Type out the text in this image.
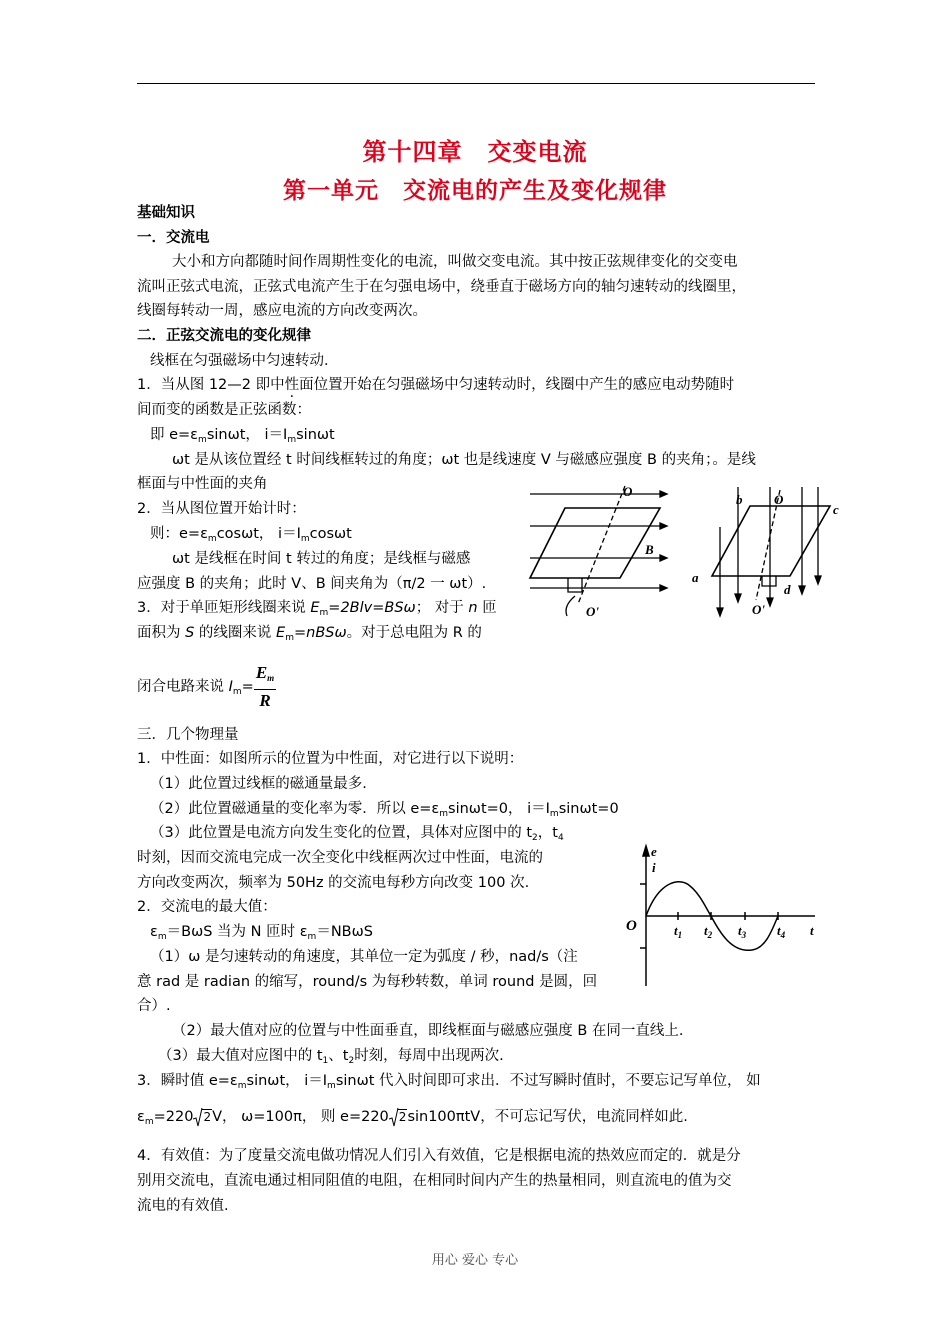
第十四章　交变电流
第一单元　交流电的产生及变化规律
基础知识
一．交流电
大小和方向都随时间作周期性变化的电流，叫做交变电流。其中按正弦规律变化的交变电
流叫正弦式电流，正弦式电流产生于在匀强电场中，绕垂直于磁场方向的轴匀速转动的线圈里，
线圈每转动一周，感应电流的方向改变两次。
二．正弦交流电的变化规律
线框在匀强磁场中匀速转动．
1．当从图 12—2 即中性面位置开始在匀强磁场中匀速转动时，线圈中产生的感应电动势随时
间而变的函数是正弦函数：
即 $e=\varepsilon_m\sin\omega t$， $i=I_m\sin\omega t$
ωt 是从该位置经 t 时间线框转过的角度；ωt 也是线速度 V 与磁感应强度 B 的夹角；。是线
框面与中性面的夹角
2．当从图位置开始计时：
则：$e=\varepsilon_m\cos\omega t$， $i=I_m\cos\omega t$
ωt 是线框在时间 t 转过的角度；是线框与磁感
应强度 B 的夹角；此时 V、B 间夹角为（π/2 一 ωt）.
3．对于单匝矩形线圈来说 $E_m=2Blv=BS\omega$； 对于 n 匝
面积为 S 的线圈来说 $E_m=nBS\omega$。对于总电阻为 R 的
闭合电路来说 $I_m= \frac{E_m}{R}$
三．几个物理量
1．中性面：如图所示的位置为中性面，对它进行以下说明：
（1）此位置过线框的磁通量最多.
（2）此位置磁通量的变化率为零．所以 $e=\varepsilon_m\sin\omega t=0$， $i=I_m\sin\omega t=0$
（3）此位置是电流方向发生变化的位置，具体对应图中的 $t_2$，$t_4$
时刻，因而交流电完成一次全变化中线框两次过中性面，电流的
方向改变两次，频率为 50Hz 的交流电每秒方向改变 100 次.
2．交流电的最大值：
$\varepsilon_m=B\omega S$ 当为 N 匝时 $\varepsilon_m=NB\omega S$
（1）ω 是匀速转动的角速度，其单位一定为弧度 / 秒，nad/s（注
意 rad 是 radian 的缩写，round/s 为每秒转数，单词 round 是圆，回
合）.
（2）最大值对应的位置与中性面垂直，即线框面与磁感应强度 B 在同一直线上.
（3）最大值对应图中的 $t_1$、$t_2$时刻，每周中出现两次.
3．瞬时值 $e=\varepsilon_m\sin\omega t$， $i=I_m\sin\omega t$ 代入时间即可求出．不过写瞬时值时，不要忘记写单位， 如
$\varepsilon_m=220$ 2V， ω=100π， 则 e=220 2sin100πtV，不可忘记写伏，电流同样如此.
4．有效值：为了度量交流电做功情况人们引入有效值，它是根据电流的热效应而定的．就是分
别用交流电，直流电通过相同阻值的电阻，在相同时间内产生的热量相同，则直流电的值为交
流电的有效值.
O
B
O'
b O
c
a
d
O'
e
i
O	$t_1$ $t_2$ $t_3$ $t_4$ t
用心 爱心 专心
